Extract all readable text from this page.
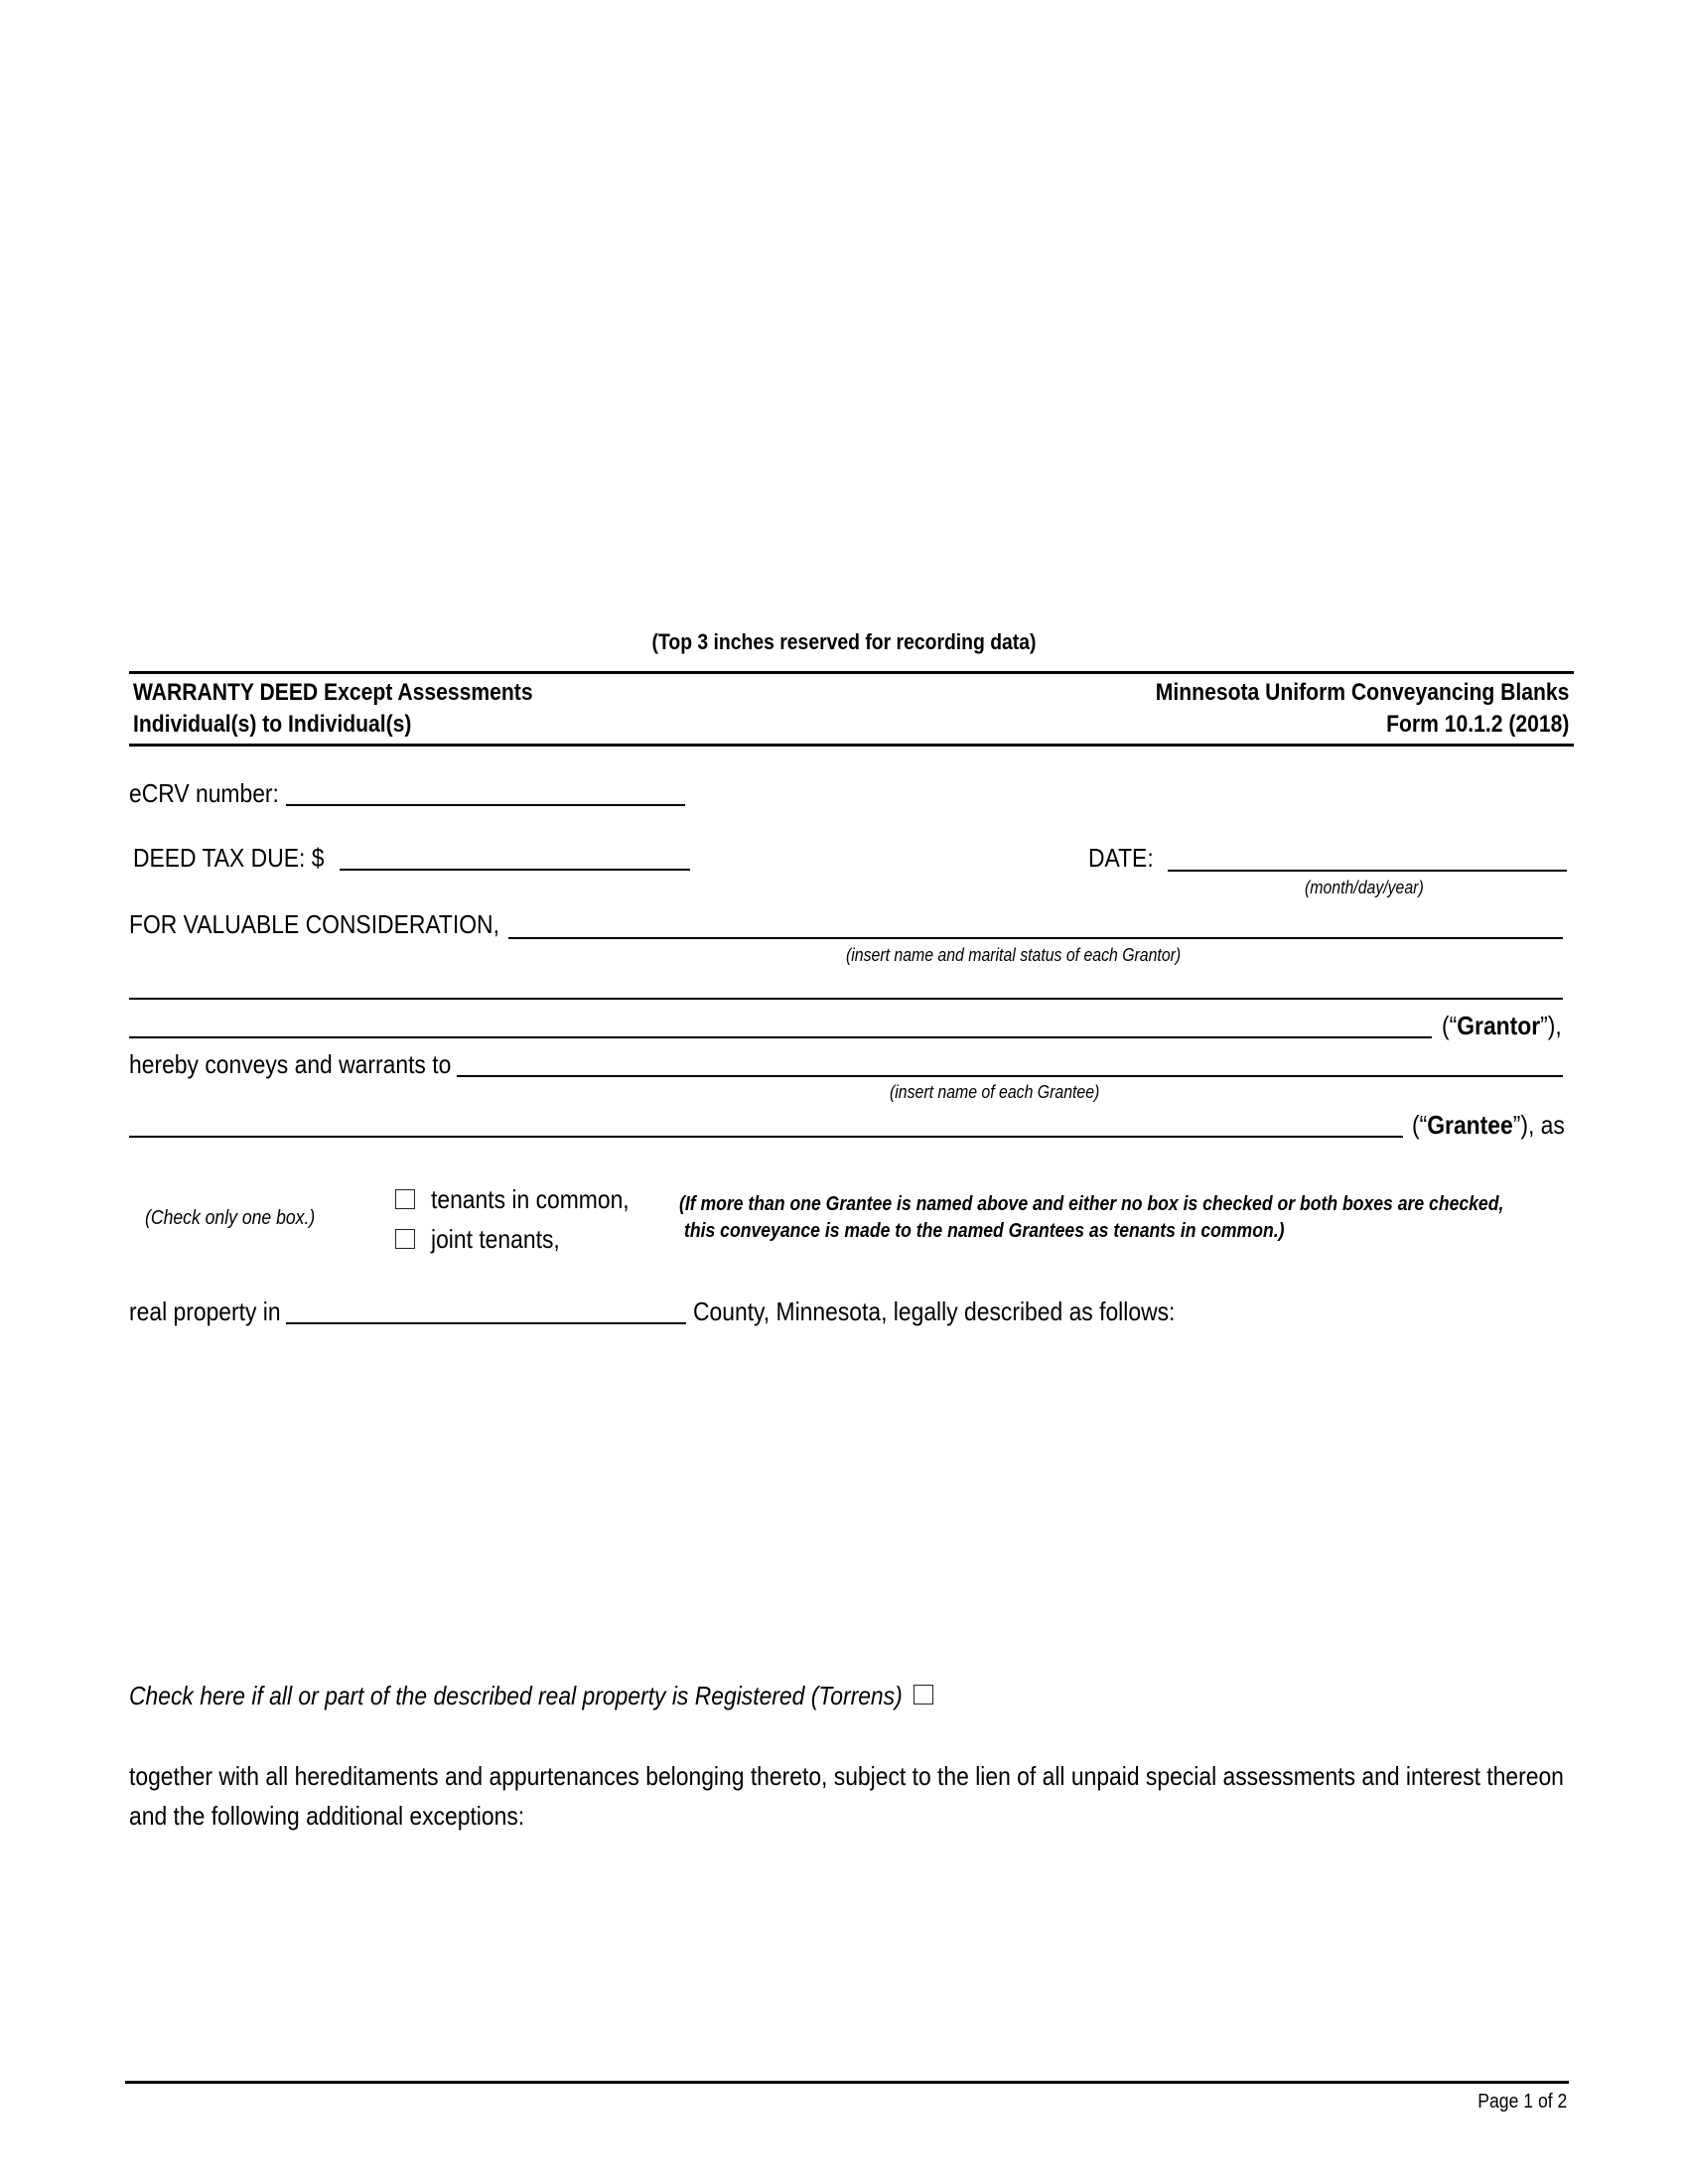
(Top 3 inches reserved for recording data)
WARRANTY DEED Except Assessments
Individual(s) to Individual(s)
Minnesota Uniform Conveyancing Blanks
Form 10.1.2 (2018)
eCRV number:
DEED TAX DUE: $	DATE:
(month/day/year)
FOR VALUABLE CONSIDERATION,
(insert name and marital status of each Grantor)
(“Grantor”),
hereby conveys and warrants to
(insert name of each Grantee)
(“Grantee”), as
(Check only one box.)
tenants in common,
joint tenants,
(If more than one Grantee is named above and either no box is checked or both boxes are checked,
this conveyance is made to the named Grantees as tenants in common.)
real property in	County, Minnesota, legally described as follows:
Check here if all or part of the described real property is Registered (Torrens)
together with all hereditaments and appurtenances belonging thereto, subject to the lien of all unpaid special assessments and interest thereon and the following additional exceptions:
Page 1 of 2
